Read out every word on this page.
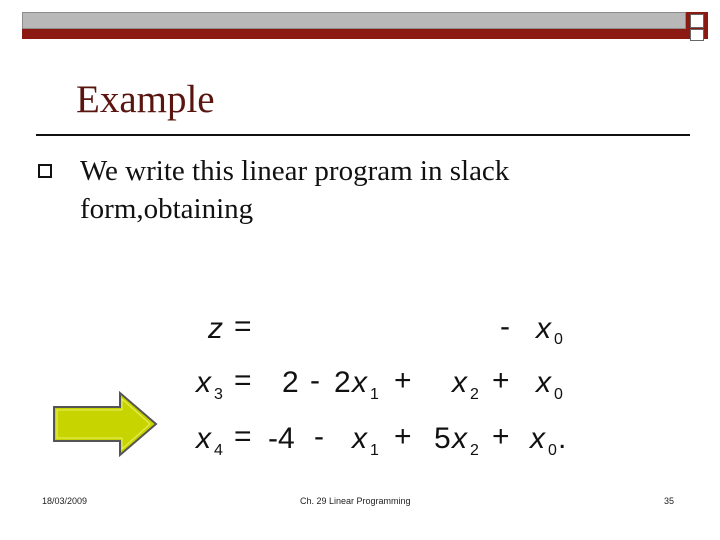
Example
We write this linear program in slack form,obtaining
z =	- x 0
x 3 = 2 - 2 x 1 + x 2 + x 0
x 4 = -4 - x 1 + 5 x 2 + x 0 .
18/03/2009	Ch. 29 Linear Programming	35
